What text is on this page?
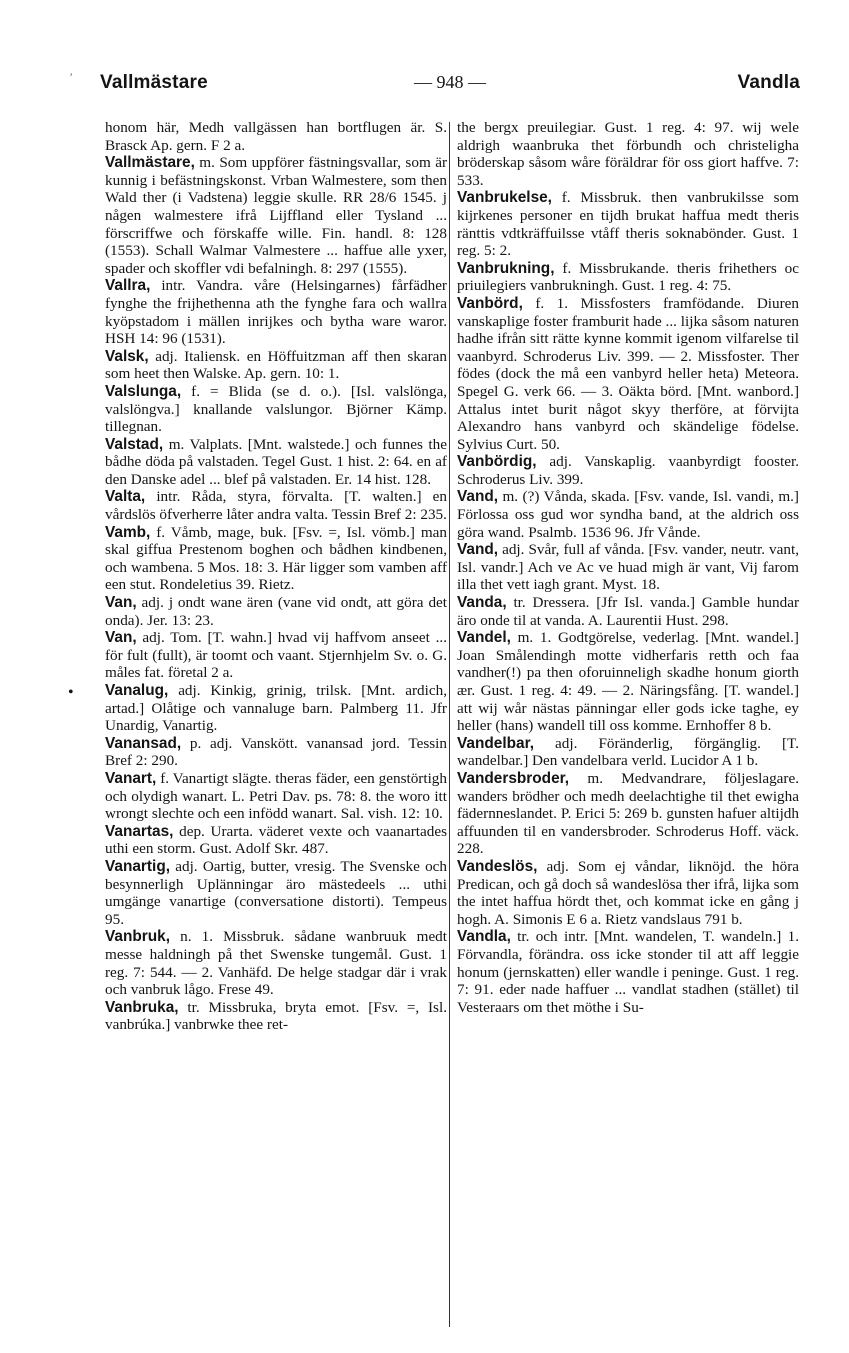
′ Vallmästare	— 948 —	Vandla
•

honom här, Medh vallgässen han bortflugen är. S. Brasck Ap. gern. F 2 a.

Vallmästare, m. Som uppförer fästningsvallar, som är kunnig i befästningskonst. Vrban Walmestere, som then Wald ther (i Vadstena) leggie skulle. RR 28/6 1545. j någen walmestere ifrå Lijffland eller Tysland ... förscriffwe och förskaffe wille. Fin. handl. 8: 128 (1553). Schall Walmar Valmestere ... haffue alle yxer, spader och skoffler vdi befalningh. 8: 297 (1555).

Vallra, intr. Vandra. våre (Helsingarnes) fårfädher fynghe the frijhethenna ath the fynghe fara och wallra kyöpstadom i mällen inrijkes och bytha ware waror. HSH 14: 96 (1531).

Valsk, adj. Italiensk. en Höffuitzman aff then skaran som heet then Walske. Ap. gern. 10: 1.

Valslunga, f. = Blida (se d. o.). [Isl. valslönga, valslöngva.] knallande valslungor. Björner Kämp. tillegnan.

Valstad, m. Valplats. [Mnt. walstede.] och funnes the bådhe döda på valstaden. Tegel Gust. 1 hist. 2: 64. en af den Danske adel ... blef på valstaden. Er. 14 hist. 128.

Valta, intr. Råda, styra, förvalta. [T. walten.] en vårdslös öfverherre låter andra valta. Tessin Bref 2: 235.

Vamb, f. Våmb, mage, buk. [Fsv. =, Isl. vömb.] man skal giffua Prestenom boghen och bådhen kindbenen, och wambena. 5 Mos. 18: 3. Här ligger som vamben aff een stut. Rondeletius 39. Rietz.

Van, adj. j ondt wane ären (vane vid ondt, att göra det onda). Jer. 13: 23.

Van, adj. Tom. [T. wahn.] hvad vij haffvom anseet ... för fult (fullt), är toomt och vaant. Stjernhjelm Sv. o. G. måles fat. företal 2 a.

Vanalug, adj. Kinkig, grinig, trilsk. [Mnt. ardich, artad.] Olåtige och vannaluge barn. Palmberg 11. Jfr Unardig, Vanartig.

Vanansad, p. adj. Vanskött. vanansad jord. Tessin Bref 2: 290.

Vanart, f. Vanartigt slägte. theras fäder, een genstörtigh och olydigh wanart. L. Petri Dav. ps. 78: 8. the woro itt wrongt slechte och een infödd wanart. Sal. vish. 12: 10.

Vanartas, dep. Urarta. väderet vexte och vaanartades uthi een storm. Gust. Adolf Skr. 487.

Vanartig, adj. Oartig, butter, vresig. The Svenske och besynnerligh Uplänningar äro mästedeels ... uthi umgänge vanartige (conversatione distorti). Tempeus 95.

Vanbruk, n. 1. Missbruk. sådane wanbruuk medt messe haldningh på thet Swenske tungemål. Gust. 1 reg. 7: 544. — 2. Vanhäfd. De helge stadgar där i vrak och vanbruk lågo. Frese 49.

Vanbruka, tr. Missbruka, bryta emot. [Fsv. =, Isl. vanbrúka.] vanbrwke thee ret-

the bergx preuilegiar. Gust. 1 reg. 4: 97. wij wele aldrigh waanbruka thet förbundh och christeligha bröderskap såsom wåre föräldrar för oss giort haffve. 7: 533.

Vanbrukelse, f. Missbruk. then vanbrukilsse som kijrkenes personer en tijdh brukat haffua medt theris ränttis vdtkräffuilsse vtåff theris soknabönder. Gust. 1 reg. 5: 2.

Vanbrukning, f. Missbrukande. theris frihethers oc priuilegiers vanbrukningh. Gust. 1 reg. 4: 75.

Vanbörd, f. 1. Missfosters framfödande. Diuren vanskaplige foster framburit hade ... lijka såsom naturen hadhe ifrån sitt rätte kynne kommit igenom vilfarelse til vaanbyrd. Schroderus Liv. 399. — 2. Missfoster. Ther födes (dock the må een vanbyrd heller heta) Meteora. Spegel G. verk 66. — 3. Oäkta börd. [Mnt. wanbord.] Attalus intet burit något skyy therföre, at förvijta Alexandro hans vanbyrd och skändelige födelse. Sylvius Curt. 50.

Vanbördig, adj. Vanskaplig. vaanbyrdigt fooster. Schroderus Liv. 399.

Vand, m. (?) Vånda, skada. [Fsv. vande, Isl. vandi, m.] Förlossa oss gud wor syndha band, at the aldrich oss göra wand. Psalmb. 1536 96. Jfr Vånde.

Vand, adj. Svår, full af vånda. [Fsv. vander, neutr. vant, Isl. vandr.] Ach ve Ac ve huad migh är vant, Vij farom illa thet vett iagh grant. Myst. 18.

Vanda, tr. Dressera. [Jfr Isl. vanda.] Gamble hundar äro onde til at vanda. A. Laurentii Hust. 298.

Vandel, m. 1. Godtgörelse, vederlag. [Mnt. wandel.] Joan Smålendingh motte vidherfaris retth och faa vandher(!) pa then oforuinneligh skadhe honum giorth ær. Gust. 1 reg. 4: 49. — 2. Näringsfång. [T. wandel.] att wij wår nästas pänningar eller gods icke taghe, ey heller (hans) wandell till oss komme. Ernhoffer 8 b.

Vandelbar, adj. Föränderlig, förgänglig. [T. wandelbar.] Den vandelbara verld. Lucidor A 1 b.

Vandersbroder, m. Medvandrare, följeslagare. wanders brödher och medh deelachtighe til thet ewigha fädernneslandet. P. Erici 5: 269 b. gunsten hafuer altijdh affuunden til en vandersbroder. Schroderus Hoff. väck. 228.

Vandeslös, adj. Som ej våndar, liknöjd. the höra Predican, och gå doch så wandeslösa ther ifrå, lijka som the intet haffua hördt thet, och kommat icke en gång j hogh. A. Simonis E 6 a. Rietz vandslaus 791 b.

Vandla, tr. och intr. [Mnt. wandelen, T. wandeln.] 1. Förvandla, förändra. oss icke stonder til att aff leggie honum (jernskatten) eller wandle i peninge. Gust. 1 reg. 7: 91. eder nade haffuer ... vandlat stadhen (stället) til Vesteraars om thet möthe i Su-
